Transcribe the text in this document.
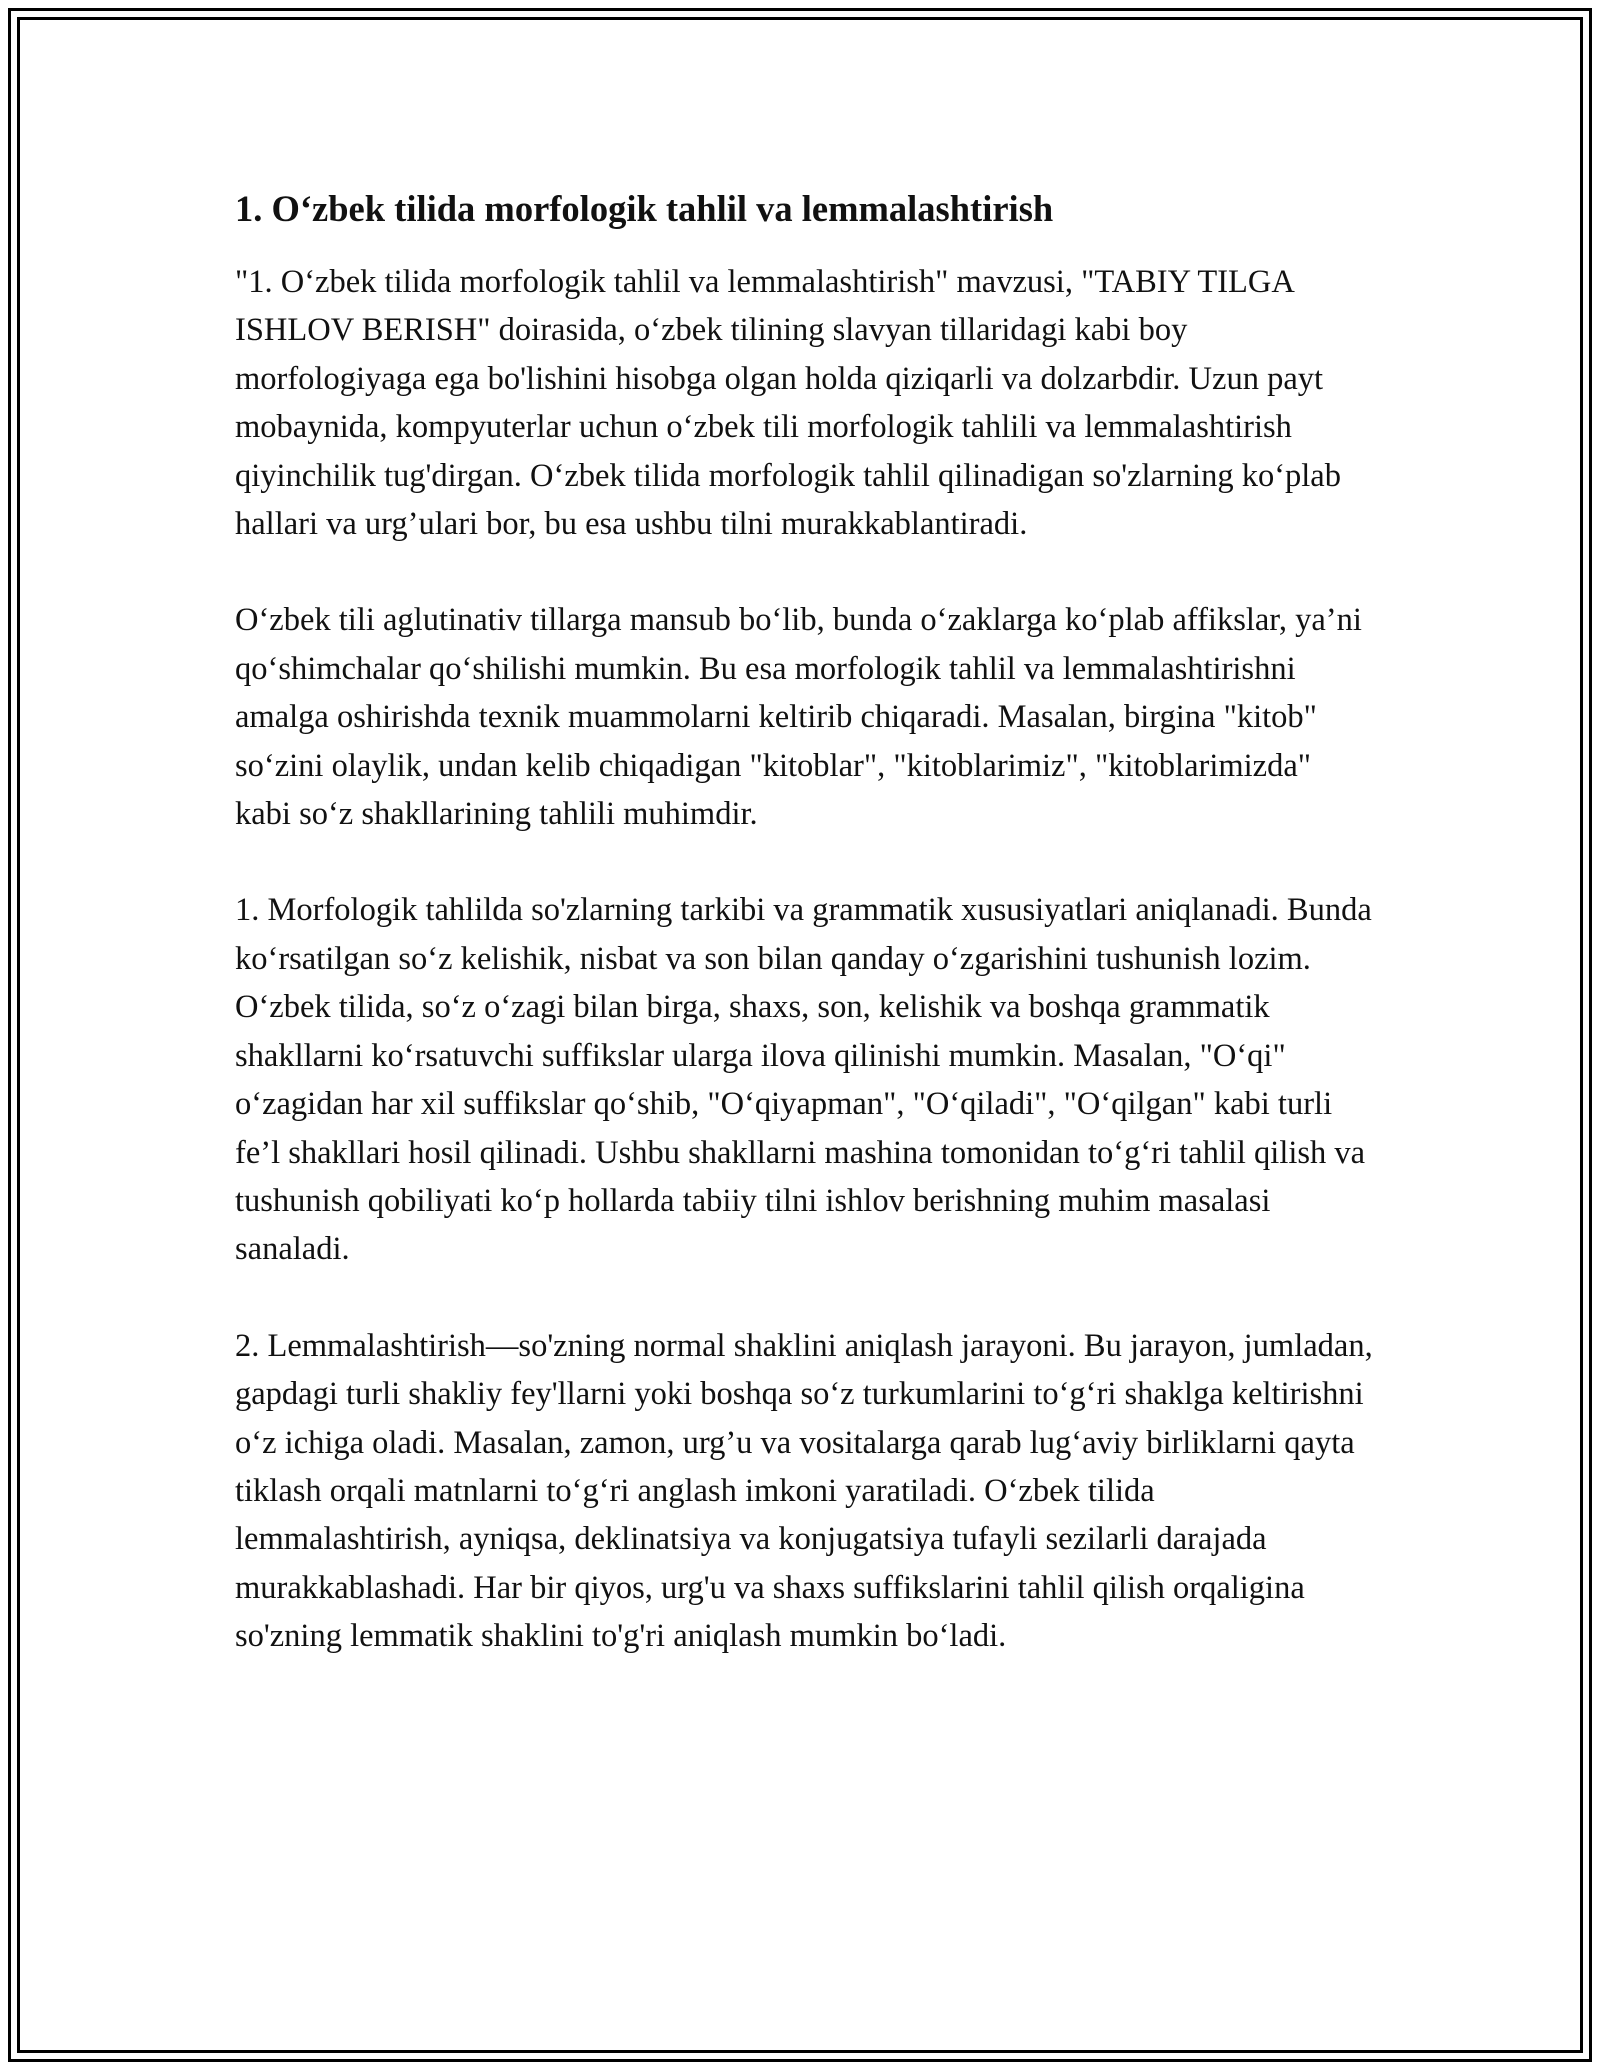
1. Oʻzbek tilida morfologik tahlil va lemmalashtirish

"1. Oʻzbek tilida morfologik tahlil va lemmalashtirish" mavzusi, "TABIY TILGA ISHLOV BERISH" doirasida, oʻzbek tilining slavyan tillaridagi kabi boy morfologiyaga ega bo'lishini hisobga olgan holda qiziqarli va dolzarbdir. Uzun payt mobaynida, kompyuterlar uchun oʻzbek tili morfologik tahlili va lemmalashtirish qiyinchilik tug'dirgan. Oʻzbek tilida morfologik tahlil qilinadigan so'zlarning koʻplab hallari va urg’ulari bor, bu esa ushbu tilni murakkablantiradi.

Oʻzbek tili aglutinativ tillarga mansub boʻlib, bunda oʻzaklarga koʻplab affikslar, ya’ni qoʻshimchalar qoʻshilishi mumkin. Bu esa morfologik tahlil va lemmalashtirishni amalga oshirishda texnik muammolarni keltirib chiqaradi. Masalan, birgina "kitob" soʻzini olaylik, undan kelib chiqadigan "kitoblar", "kitoblarimiz", "kitoblarimizda" kabi soʻz shakllarining tahlili muhimdir.

1. Morfologik tahlilda so'zlarning tarkibi va grammatik xususiyatlari aniqlanadi. Bunda koʻrsatilgan soʻz kelishik, nisbat va son bilan qanday oʻzgarishini tushunish lozim. Oʻzbek tilida, soʻz oʻzagi bilan birga, shaxs, son, kelishik va boshqa grammatik shakllarni koʻrsatuvchi suffikslar ularga ilova qilinishi mumkin. Masalan, "Oʻqi" oʻzagidan har xil suffikslar qoʻshib, "Oʻqiyapman", "Oʻqiladi", "Oʻqilgan" kabi turli fe’l shakllari hosil qilinadi. Ushbu shakllarni mashina tomonidan toʻgʻri tahlil qilish va tushunish qobiliyati koʻp hollarda tabiiy tilni ishlov berishning muhim masalasi sanaladi.

2. Lemmalashtirish—so'zning normal shaklini aniqlash jarayoni. Bu jarayon, jumladan, gapdagi turli shakliy fey'llarni yoki boshqa soʻz turkumlarini toʻgʻri shaklga keltirishni oʻz ichiga oladi. Masalan, zamon, urg’u va vositalarga qarab lugʻaviy birliklarni qayta tiklash orqali matnlarni toʻgʻri anglash imkoni yaratiladi. Oʻzbek tilida lemmalashtirish, ayniqsa, deklinatsiya va konjugatsiya tufayli sezilarli darajada murakkablashadi. Har bir qiyos, urg'u va shaxs suffikslarini tahlil qilish orqaligina so'zning lemmatik shaklini to'g'ri aniqlash mumkin boʻladi.
